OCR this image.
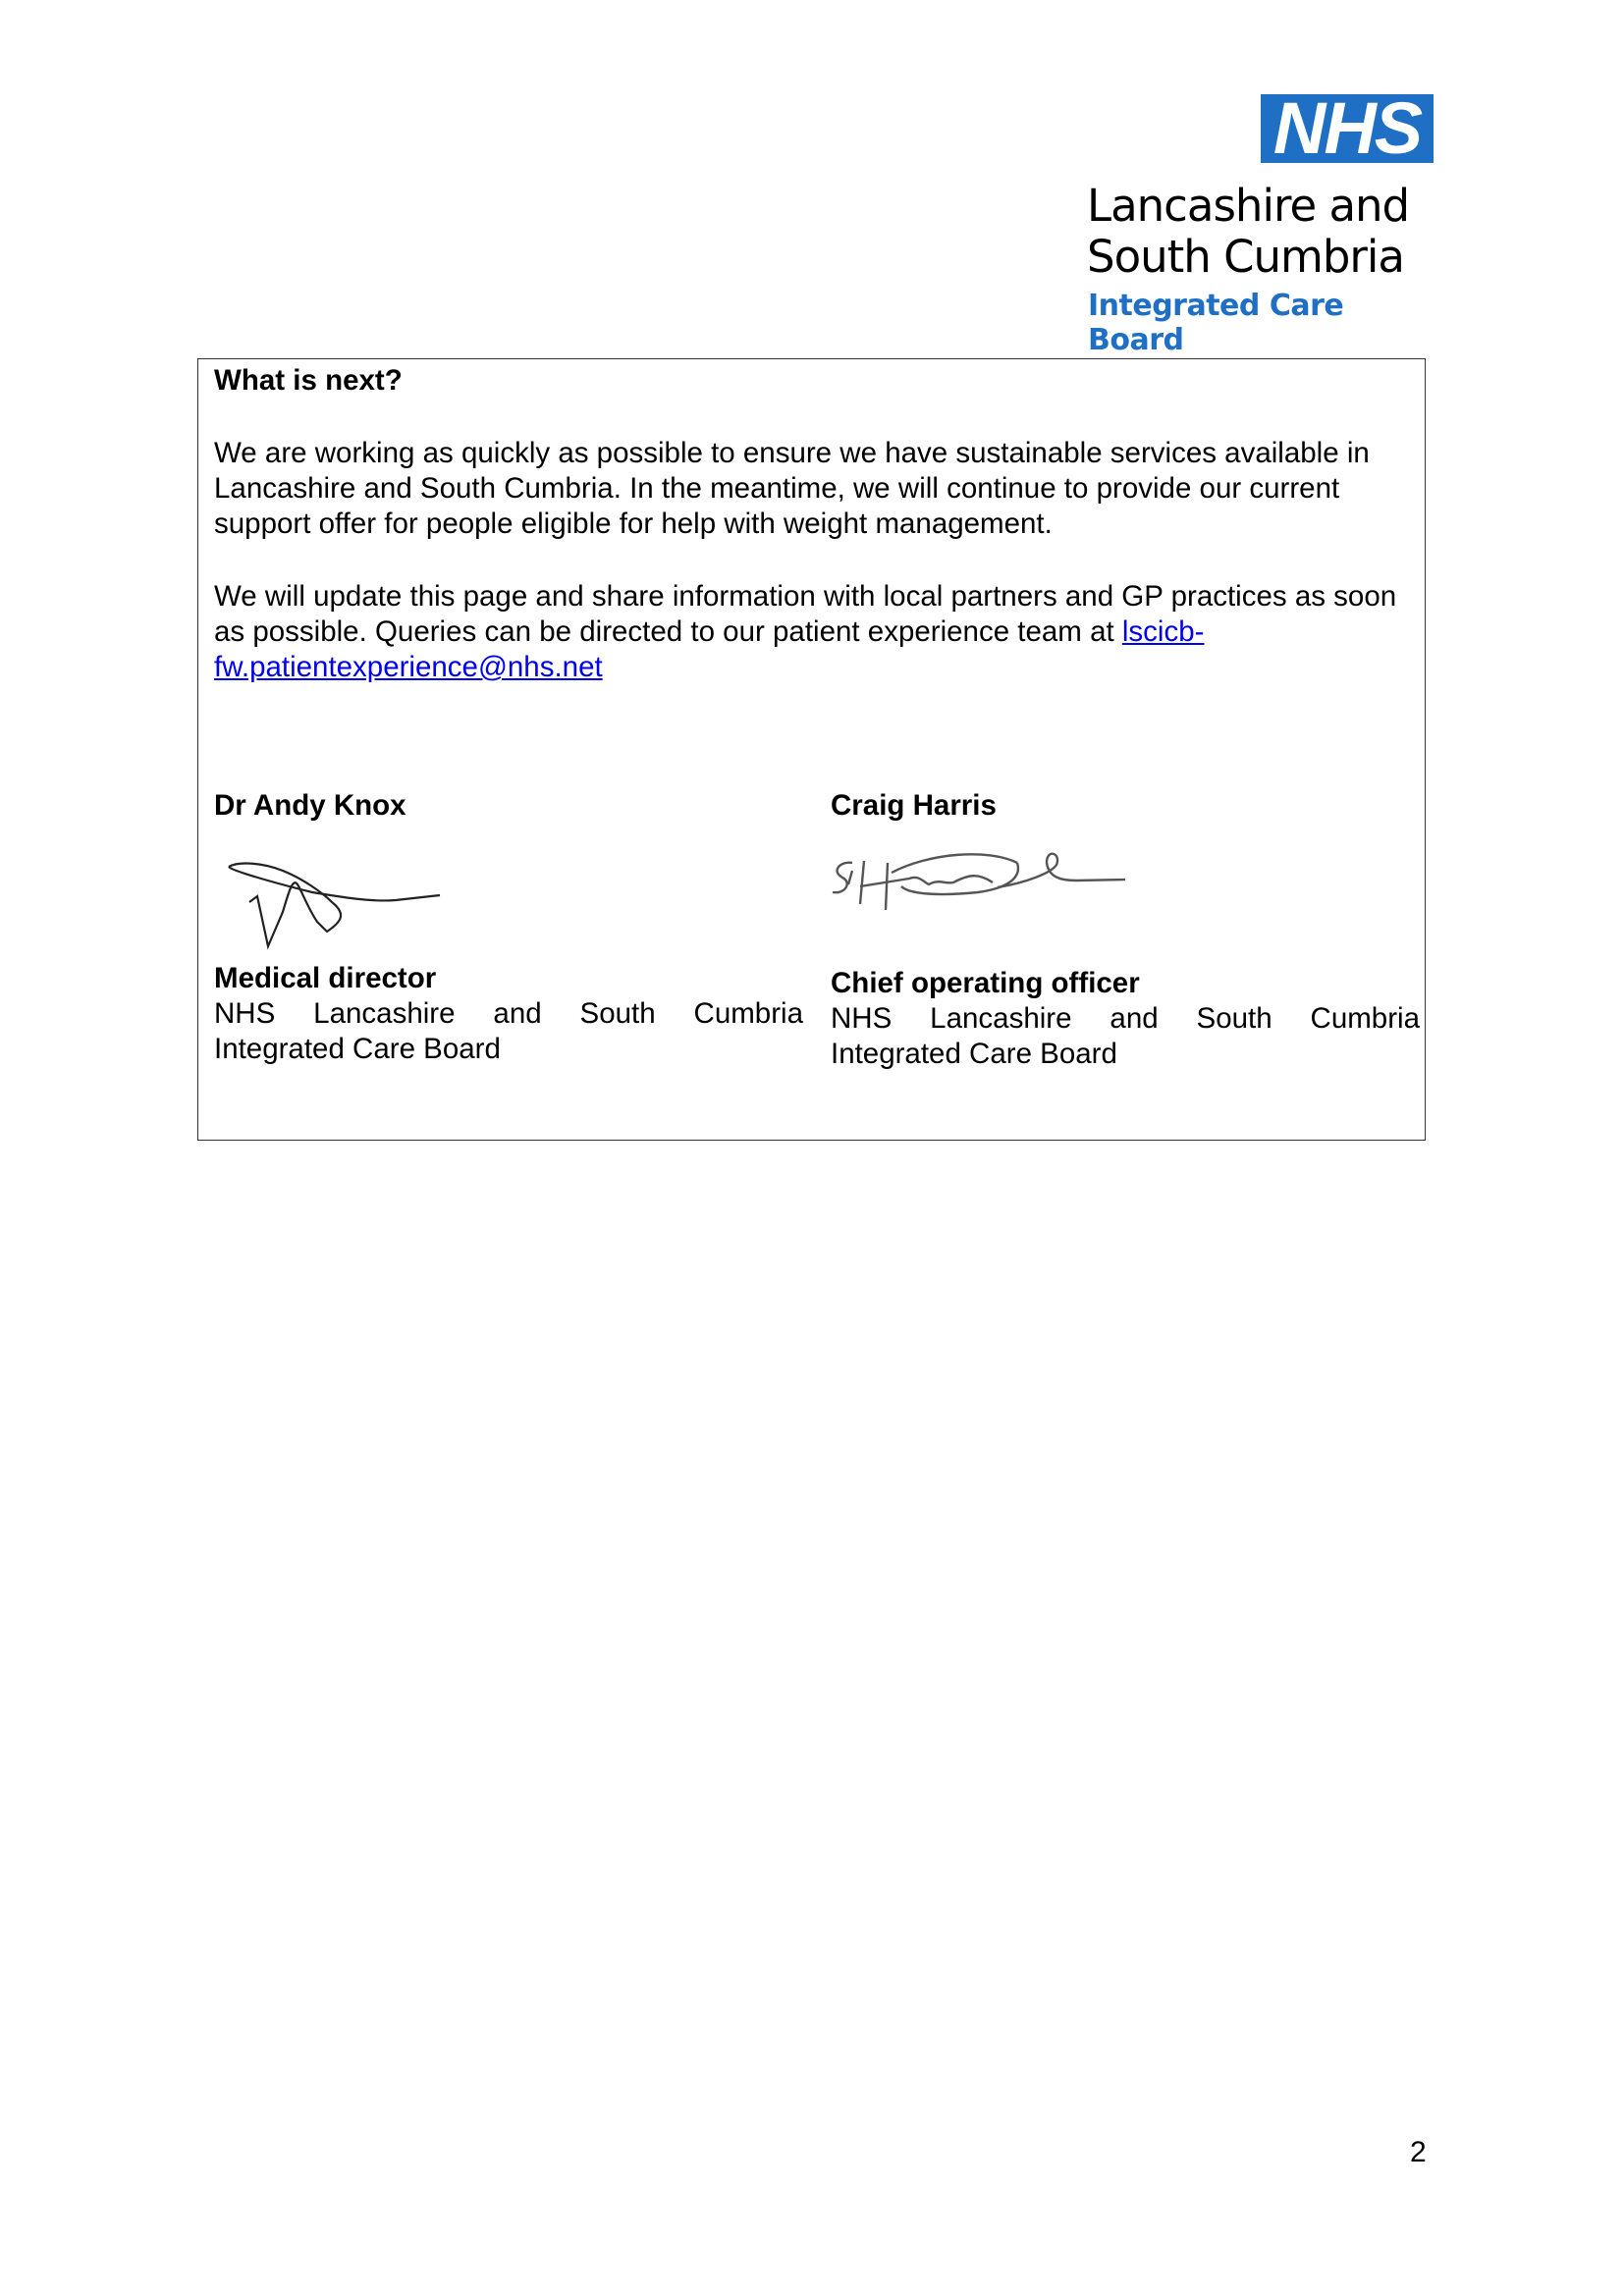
NHS
Lancashire and
South Cumbria
Integrated Care Board

What is next?

We are working as quickly as possible to ensure we have sustainable services available in Lancashire and South Cumbria. In the meantime, we will continue to provide our current support offer for people eligible for help with weight management.

We will update this page and share information with local partners and GP practices as soon as possible. Queries can be directed to our patient experience team at lscicb-fw.patientexperience@nhs.net

Dr Andy Knox
Medical director
NHS Lancashire and South Cumbria Integrated Care Board
Craig Harris
Chief operating officer
NHS Lancashire and South Cumbria Integrated Care Board
2
